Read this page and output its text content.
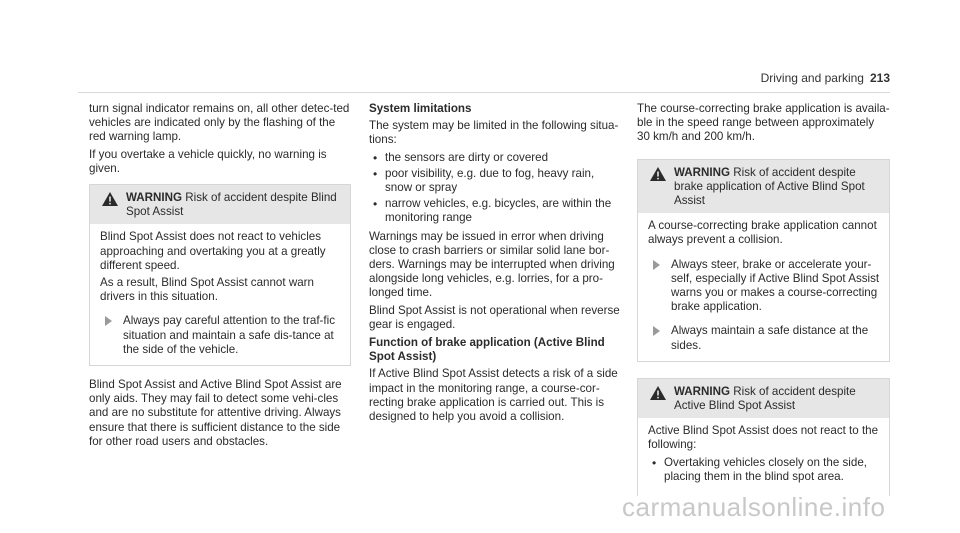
Driving and parking 213

turn signal indicator remains on, all other detec-ted vehicles are indicated only by the flashing of the red warning lamp.

If you overtake a vehicle quickly, no warning is given.

WARNING Risk of accident despite Blind Spot Assist

Blind Spot Assist does not react to vehicles approaching and overtaking you at a greatly different speed.

As a result, Blind Spot Assist cannot warn drivers in this situation.

Always pay careful attention to the traf-fic situation and maintain a safe dis-tance at the side of the vehicle.

Blind Spot Assist and Active Blind Spot Assist are only aids. They may fail to detect some vehi-cles and are no substitute for attentive driving. Always ensure that there is sufficient distance to the side for other road users and obstacles.

System limitations

The system may be limited in the following situa-tions:

• the sensors are dirty or covered
• poor visibility, e.g. due to fog, heavy rain, snow or spray
• narrow vehicles, e.g. bicycles, are within the monitoring range

Warnings may be issued in error when driving close to crash barriers or similar solid lane bor-ders. Warnings may be interrupted when driving alongside long vehicles, e.g. lorries, for a pro-longed time.

Blind Spot Assist is not operational when reverse gear is engaged.

Function of brake application (Active Blind Spot Assist)

If Active Blind Spot Assist detects a risk of a side impact in the monitoring range, a course-cor-recting brake application is carried out. This is designed to help you avoid a collision.

The course-correcting brake application is availa-ble in the speed range between approximately 30 km/h and 200 km/h.

WARNING Risk of accident despite brake application of Active Blind Spot Assist

A course-correcting brake application cannot always prevent a collision.

Always steer, brake or accelerate your-self, especially if Active Blind Spot Assist warns you or makes a course-correcting brake application.
Always maintain a safe distance at the sides.
WARNING Risk of accident despite Active Blind Spot Assist

Active Blind Spot Assist does not react to the following:

• Overtaking vehicles closely on the side, placing them in the blind spot area.
carmanualsonline.info
